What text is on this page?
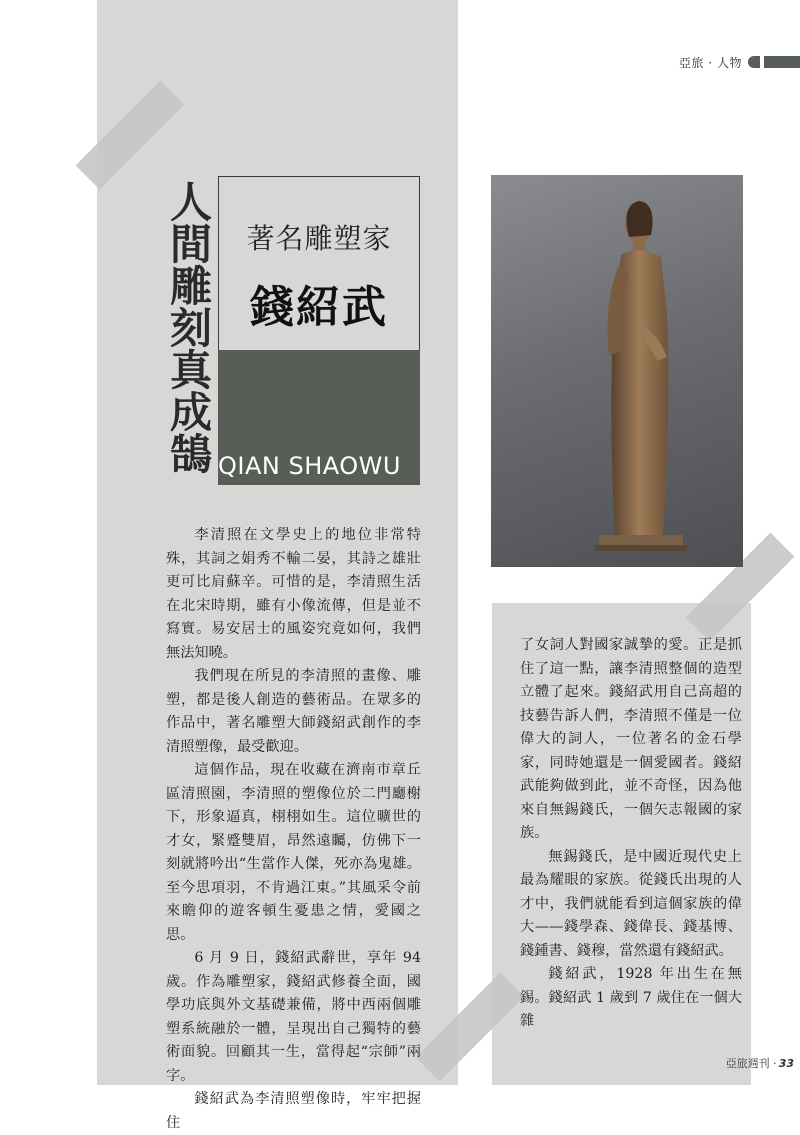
亞旅 · 人物
人間雕刻真成鵠	著名雕塑家
錢紹武
QIAN SHAOWU

李清照在文學史上的地位非常特殊，其詞之娟秀不輸二晏，其詩之雄壯更可比肩蘇辛。可惜的是，李清照生活在北宋時期，雖有小像流傳，但是並不寫實。易安居士的風姿究竟如何，我們無法知曉。

我們現在所見的李清照的畫像、雕塑，都是後人創造的藝術品。在眾多的作品中，著名雕塑大師錢紹武創作的李清照塑像，最受歡迎。

這個作品，現在收藏在濟南市章丘區清照園，李清照的塑像位於二門廳榭下，形象逼真，栩栩如生。這位曠世的才女，緊蹙雙眉，昂然遠矚，仿佛下一刻就將吟出“生當作人傑，死亦為鬼雄。至今思項羽，不肯過江東。”其風采令前來瞻仰的遊客頓生憂患之情，愛國之思。

6 月 9 日，錢紹武辭世，享年 94 歲。作為雕塑家，錢紹武修養全面，國學功底與外文基礎兼備，將中西兩個雕塑系統融於一體，呈現出自己獨特的藝術面貌。回顧其一生，當得起“宗師”兩字。

錢紹武為李清照塑像時，牢牢把握住

了女詞人對國家誠摯的愛。正是抓住了這一點，讓李清照整個的造型立體了起來。錢紹武用自己高超的技藝告訴人們，李清照不僅是一位偉大的詞人，一位著名的金石學家，同時她還是一個愛國者。錢紹武能夠做到此，並不奇怪，因為他來自無錫錢氏，一個矢志報國的家族。

無錫錢氏，是中國近現代史上最為耀眼的家族。從錢氏出現的人才中，我們就能看到這個家族的偉大——錢學森、錢偉長、錢基博、錢鍾書、錢穆，當然還有錢紹武。

錢紹武，1928 年出生在無錫。錢紹武 1 歲到 7 歲住在一個大雜

亞旅週刊 · 33
